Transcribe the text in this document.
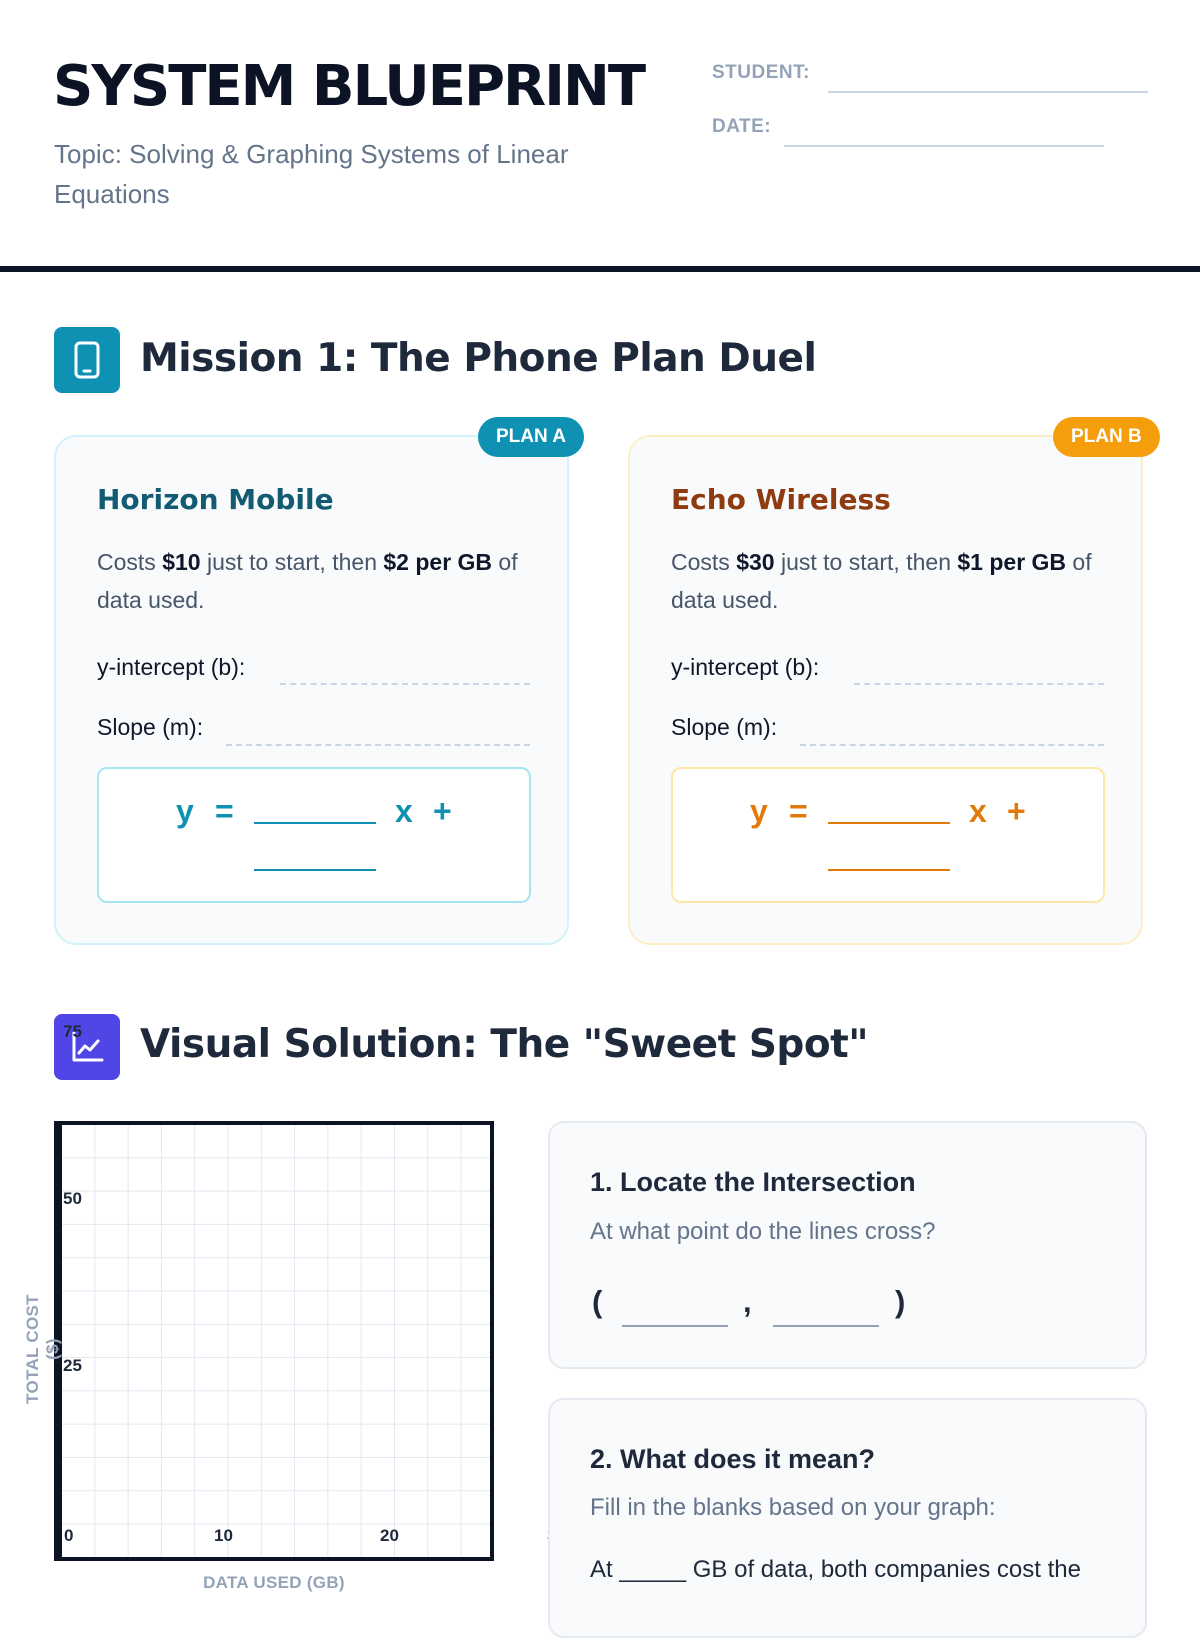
SYSTEM BLUEPRINT
Topic: Solving & Graphing Systems of Linear Equations
STUDENT:
DATE:
Mission 1: The Phone Plan Duel
PLAN A
Horizon Mobile
Costs $10 just to start, then $2 per GB of data used.
y-intercept (b):
Slope (m):
y =	x +
PLAN B
Echo Wireless
Costs $30 just to start, then $1 per GB of data used.
y-intercept (b):
Slope (m):
y =	x +
Visual Solution: The "Sweet Spot"
75
50
25
0	10	20
TOTAL COST ($)
DATA USED (GB)
1. Locate the Intersection
At what point do the lines cross?
(	,	)
2. What does it mean?
Fill in the blanks based on your graph:
At _____ GB of data, both companies cost the
